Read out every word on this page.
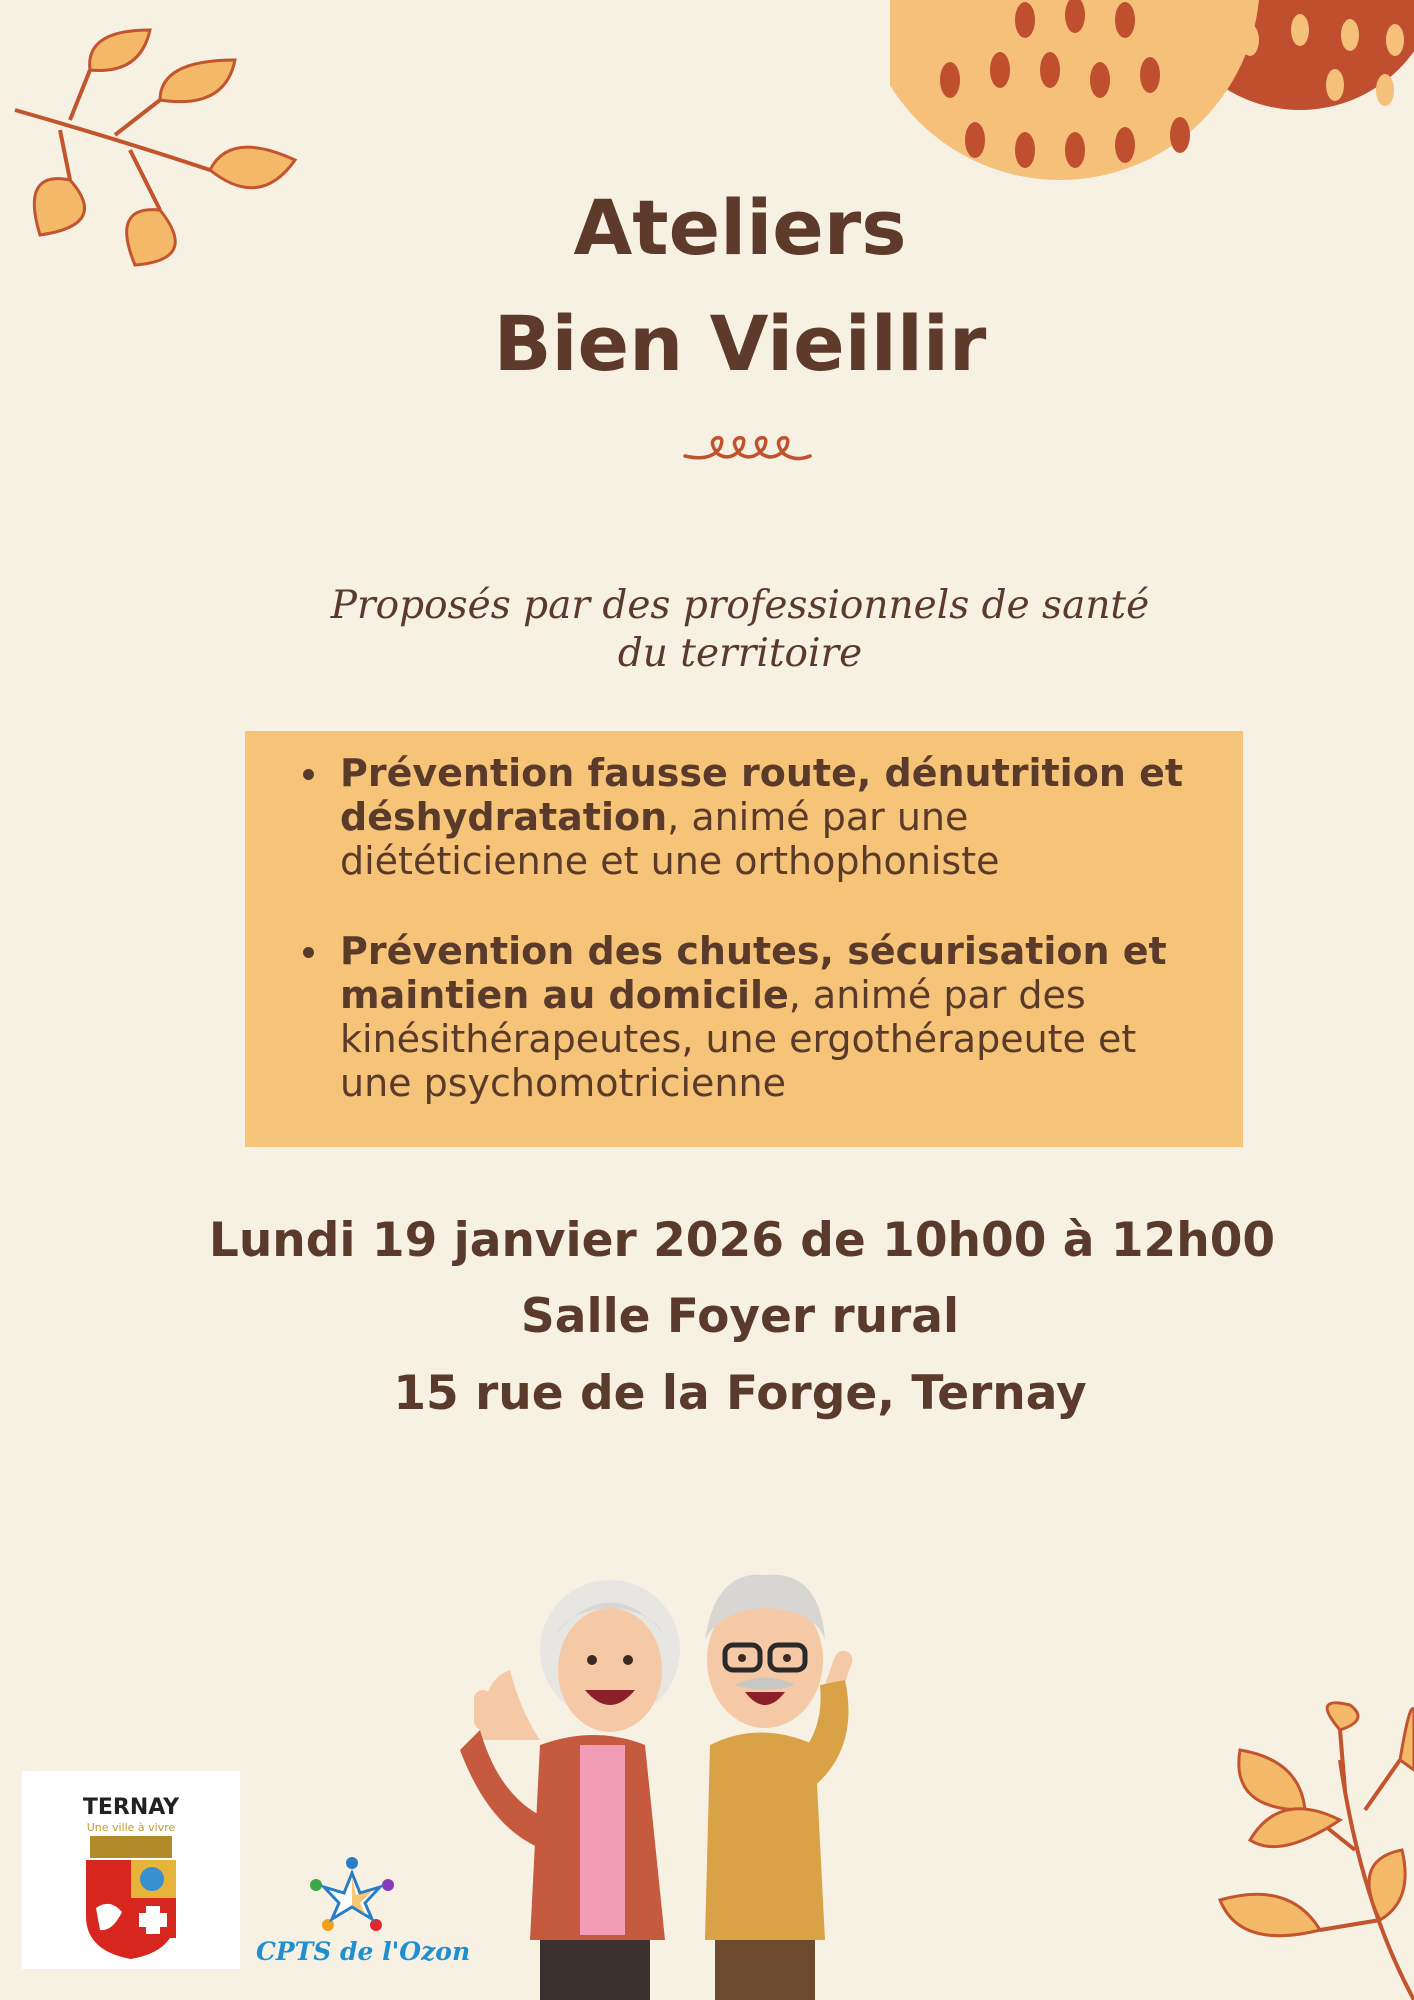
Ateliers
Bien Vieillir
Proposés par des professionnels de santé du territoire
Prévention fausse route, dénutrition et déshydratation, animé par une diététicienne et une orthophoniste
Prévention des chutes, sécurisation et maintien au domicile, animé par des kinésithérapeutes, une ergothérapeute et une psychomotricienne
Lundi 19 janvier 2026 de 10h00 à 12h00
Salle Foyer rural
15 rue de la Forge, Ternay
TERNAY
Une ville à vivre
CPTS de l'Ozon
